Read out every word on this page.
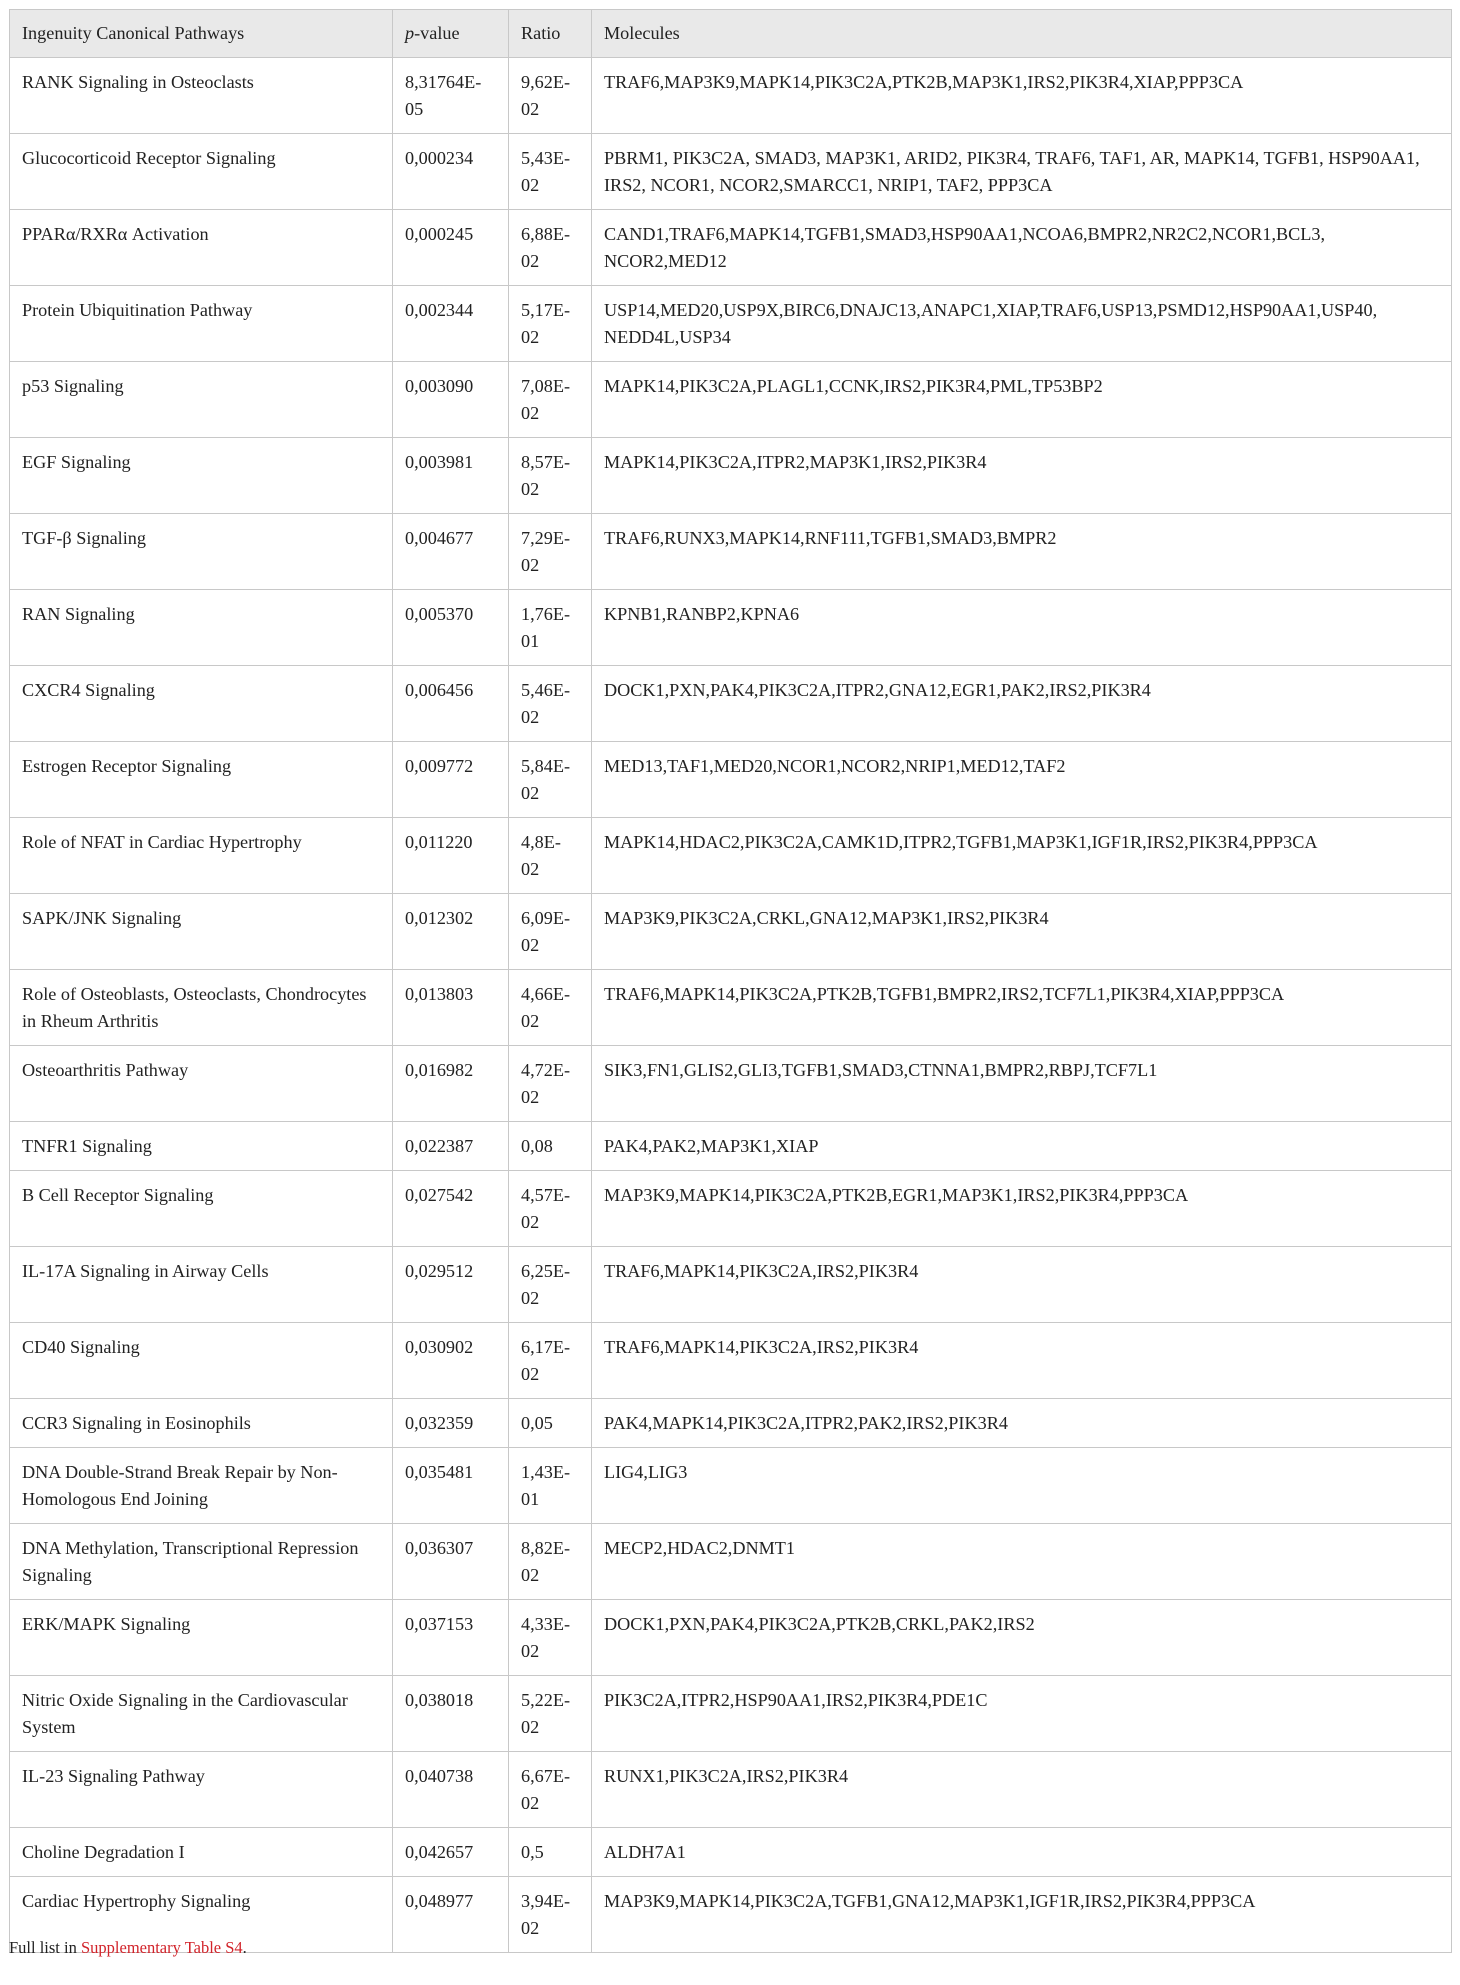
Ingenuity Canonical Pathways	p-value	Ratio	Molecules
RANK Signaling in Osteoclasts	8,31764E-05	9,62E-02	TRAF6,MAP3K9,MAPK14,PIK3C2A,PTK2B,MAP3K1,IRS2,PIK3R4,XIAP,PPP3CA
Glucocorticoid Receptor Signaling	0,000234	5,43E-02	PBRM1, PIK3C2A, SMAD3, MAP3K1, ARID2, PIK3R4, TRAF6, TAF1, AR, MAPK14, TGFB1, HSP90AA1, IRS2, NCOR1, NCOR2,SMARCC1, NRIP1, TAF2, PPP3CA
PPARα/RXRα Activation	0,000245	6,88E-02	CAND1,TRAF6,MAPK14,TGFB1,SMAD3,HSP90AA1,NCOA6,BMPR2,NR2C2,NCOR1,BCL3, NCOR2,MED12
Protein Ubiquitination Pathway	0,002344	5,17E-02	USP14,MED20,USP9X,BIRC6,DNAJC13,ANAPC1,XIAP,TRAF6,USP13,PSMD12,HSP90AA1,USP40, NEDD4L,USP34
p53 Signaling	0,003090	7,08E-02	MAPK14,PIK3C2A,PLAGL1,CCNK,IRS2,PIK3R4,PML,TP53BP2
EGF Signaling	0,003981	8,57E-02	MAPK14,PIK3C2A,ITPR2,MAP3K1,IRS2,PIK3R4
TGF-β Signaling	0,004677	7,29E-02	TRAF6,RUNX3,MAPK14,RNF111,TGFB1,SMAD3,BMPR2
RAN Signaling	0,005370	1,76E-01	KPNB1,RANBP2,KPNA6
CXCR4 Signaling	0,006456	5,46E-02	DOCK1,PXN,PAK4,PIK3C2A,ITPR2,GNA12,EGR1,PAK2,IRS2,PIK3R4
Estrogen Receptor Signaling	0,009772	5,84E-02	MED13,TAF1,MED20,NCOR1,NCOR2,NRIP1,MED12,TAF2
Role of NFAT in Cardiac Hypertrophy	0,011220	4,8E-02	MAPK14,HDAC2,PIK3C2A,CAMK1D,ITPR2,TGFB1,MAP3K1,IGF1R,IRS2,PIK3R4,PPP3CA
SAPK/JNK Signaling	0,012302	6,09E-02	MAP3K9,PIK3C2A,CRKL,GNA12,MAP3K1,IRS2,PIK3R4
Role of Osteoblasts, Osteoclasts, Chondrocytes in Rheum Arthritis	0,013803	4,66E-02	TRAF6,MAPK14,PIK3C2A,PTK2B,TGFB1,BMPR2,IRS2,TCF7L1,PIK3R4,XIAP,PPP3CA
Osteoarthritis Pathway	0,016982	4,72E-02	SIK3,FN1,GLIS2,GLI3,TGFB1,SMAD3,CTNNA1,BMPR2,RBPJ,TCF7L1
TNFR1 Signaling	0,022387	0,08	PAK4,PAK2,MAP3K1,XIAP
B Cell Receptor Signaling	0,027542	4,57E-02	MAP3K9,MAPK14,PIK3C2A,PTK2B,EGR1,MAP3K1,IRS2,PIK3R4,PPP3CA
IL-17A Signaling in Airway Cells	0,029512	6,25E-02	TRAF6,MAPK14,PIK3C2A,IRS2,PIK3R4
CD40 Signaling	0,030902	6,17E-02	TRAF6,MAPK14,PIK3C2A,IRS2,PIK3R4
CCR3 Signaling in Eosinophils	0,032359	0,05	PAK4,MAPK14,PIK3C2A,ITPR2,PAK2,IRS2,PIK3R4
DNA Double-Strand Break Repair by Non-Homologous End Joining	0,035481	1,43E-01	LIG4,LIG3
DNA Methylation, Transcriptional Repression Signaling	0,036307	8,82E-02	MECP2,HDAC2,DNMT1
ERK/MAPK Signaling	0,037153	4,33E-02	DOCK1,PXN,PAK4,PIK3C2A,PTK2B,CRKL,PAK2,IRS2
Nitric Oxide Signaling in the Cardiovascular System	0,038018	5,22E-02	PIK3C2A,ITPR2,HSP90AA1,IRS2,PIK3R4,PDE1C
IL-23 Signaling Pathway	0,040738	6,67E-02	RUNX1,PIK3C2A,IRS2,PIK3R4
Choline Degradation I	0,042657	0,5	ALDH7A1
Cardiac Hypertrophy Signaling	0,048977	3,94E-02	MAP3K9,MAPK14,PIK3C2A,TGFB1,GNA12,MAP3K1,IGF1R,IRS2,PIK3R4,PPP3CA
Full list in Supplementary Table S4.
